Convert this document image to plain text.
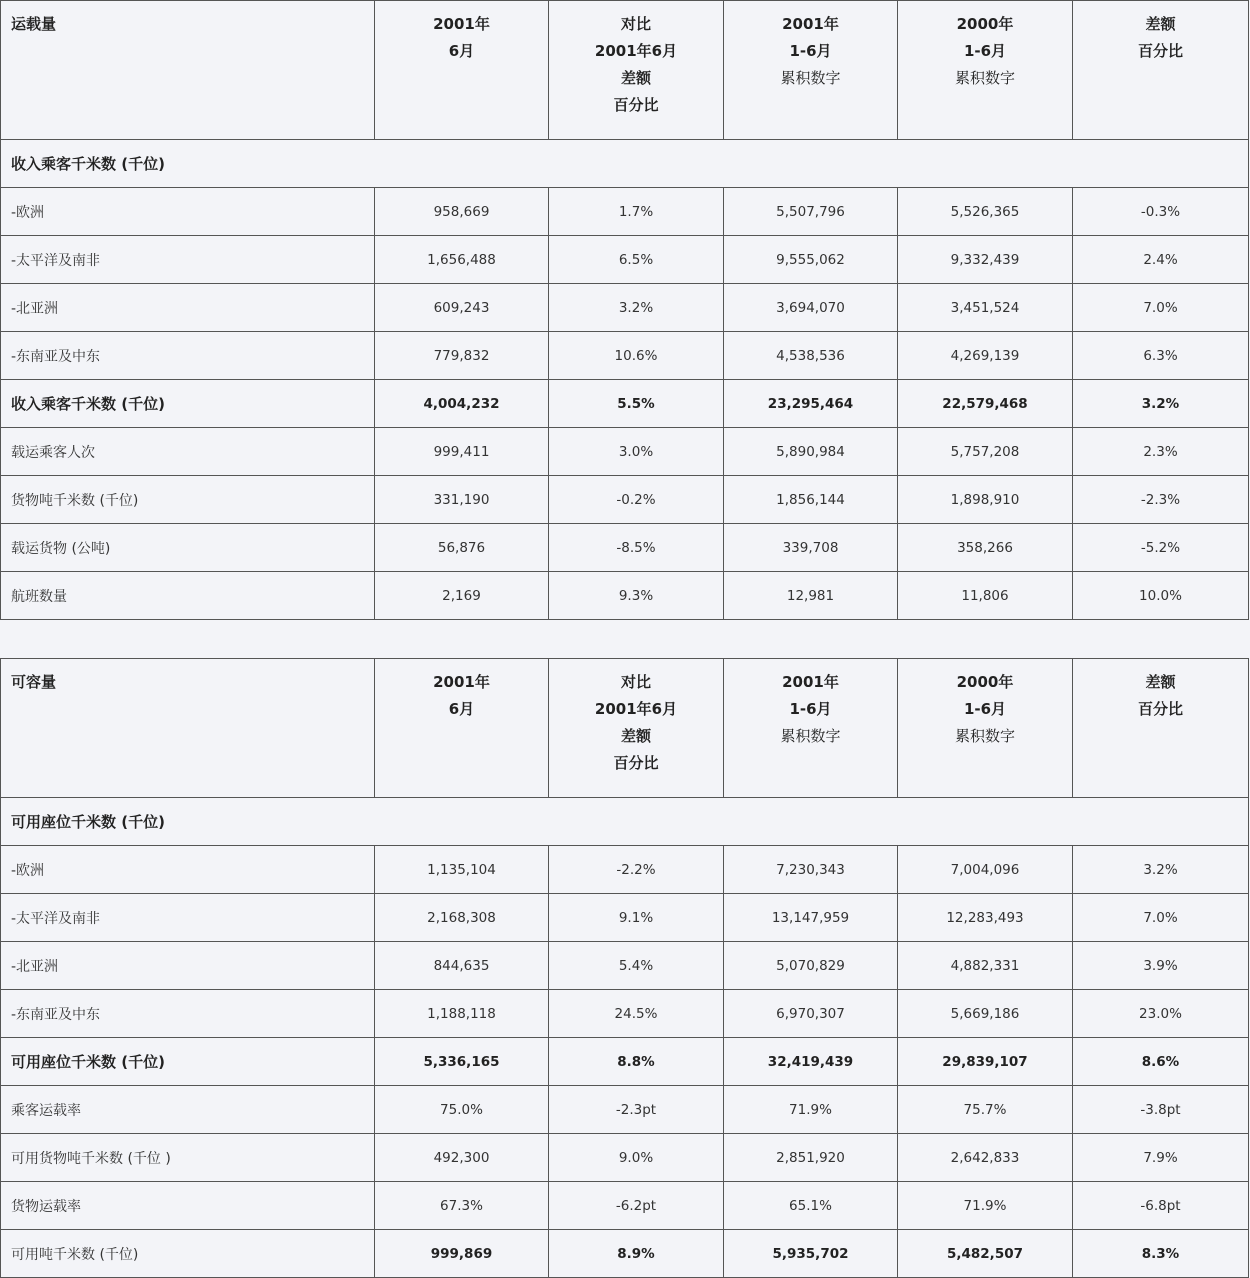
运载量	2001年
6月	对比
2001年6月
差额
百分比	2001年
1-6月
累积数字	2000年
1-6月
累积数字	差额
百分比

收入乘客千米数 (千位)					
-欧洲	958,669	1.7%	5,507,796	5,526,365	-0.3%
-太平洋及南非	1,656,488	6.5%	9,555,062	9,332,439	2.4%
-北亚洲	609,243	3.2%	3,694,070	3,451,524	7.0%
-东南亚及中东	779,832	10.6%	4,538,536	4,269,139	6.3%
收入乘客千米数 (千位)	4,004,232	5.5%	23,295,464	22,579,468	3.2%
载运乘客人次	999,411	3.0%	5,890,984	5,757,208	2.3%
货物吨千米数 (千位)	331,190	-0.2%	1,856,144	1,898,910	-2.3%
载运货物 (公吨)	56,876	-8.5%	339,708	358,266	-5.2%
航班数量	2,169	9.3%	12,981	11,806	10.0%
可容量	2001年
6月	对比
2001年6月
差额
百分比	2001年
1-6月
累积数字	2000年
1-6月
累积数字	差额
百分比

可用座位千米数 (千位)					
-欧洲	1,135,104	-2.2%	7,230,343	7,004,096	3.2%
-太平洋及南非	2,168,308	9.1%	13,147,959	12,283,493	7.0%
-北亚洲	844,635	5.4%	5,070,829	4,882,331	3.9%
-东南亚及中东	1,188,118	24.5%	6,970,307	5,669,186	23.0%
可用座位千米数 (千位)	5,336,165	8.8%	32,419,439	29,839,107	8.6%
乘客运载率	75.0%	-2.3pt	71.9%	75.7%	-3.8pt
可用货物吨千米数 (千位 )	492,300	9.0%	2,851,920	2,642,833	7.9%
货物运载率	67.3%	-6.2pt	65.1%	71.9%	-6.8pt
可用吨千米数 (千位)	999,869	8.9%	5,935,702	5,482,507	8.3%
